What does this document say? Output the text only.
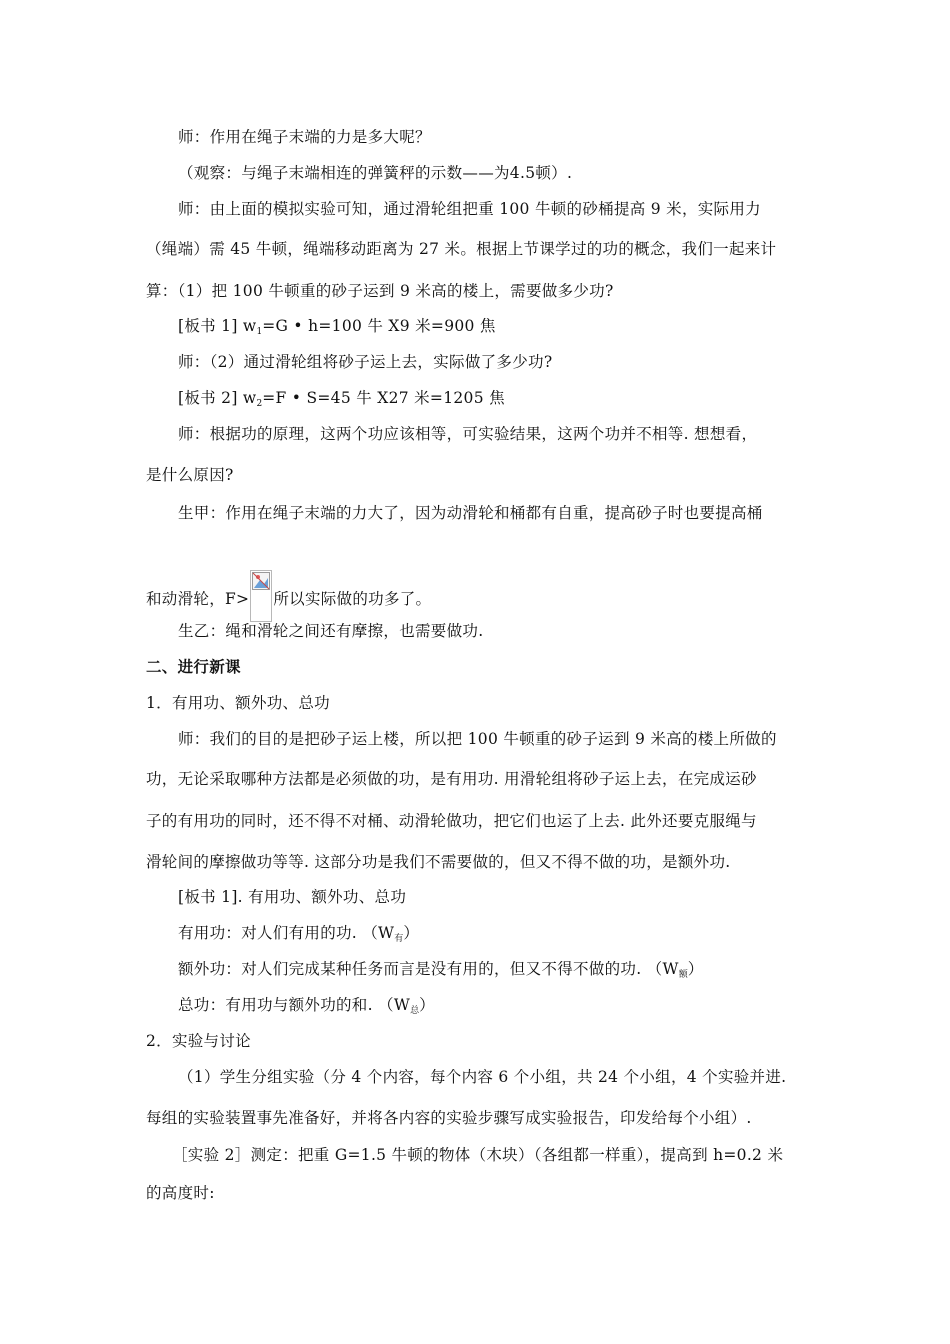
师：作用在绳子末端的力是多大呢？
（观察：与绳子末端相连的弹簧秤的示数——为4.5顿）.
师：由上面的模拟实验可知，通过滑轮组把重 100 牛顿的砂桶提高 9 米，实际用力
（绳端）需 45 牛顿，绳端移动距离为 27 米。根据上节课学过的功的概念，我们一起来计
算：（1）把 100 牛顿重的砂子运到 9 米高的楼上，需要做多少功?
[板书 1] $w_1=G$ • h=100 牛 X9 米=900 焦
师：（2）通过滑轮组将砂子运上去，实际做了多少功?
[板书 2] $w_2=F$ • S=45 牛 X27 米=1205 焦
师：根据功的原理，这两个功应该相等，可实验结果，这两个功并不相等. 想想看，
是什么原因?
生甲：作用在绳子末端的力大了，因为动滑轮和桶都有自重，提高砂子时也要提高桶
和动滑轮，F> 所以实际做的功多了。
生乙：绳和滑轮之间还有摩擦，也需要做功.
二、进行新课
1．有用功、额外功、总功
师：我们的目的是把砂子运上楼，所以把 100 牛顿重的砂子运到 9 米高的楼上所做的
功，无论采取哪种方法都是必须做的功，是有用功. 用滑轮组将砂子运上去，在完成运砂
子的有用功的同时，还不得不对桶、动滑轮做功，把它们也运了上去. 此外还要克服绳与
滑轮间的摩擦做功等等. 这部分功是我们不需要做的，但又不得不做的功，是额外功.
[板书 1]. 有用功、额外功、总功
有用功：对人们有用的功. $(W_有)$
额外功：对人们完成某种任务而言是没有用的，但又不得不做的功. $(W_额)$
总功：有用功与额外功的和. $(W_总)$
2．实验与讨论
（1）学生分组实验（分 4 个内容，每个内容 6 个小组，共 24 个小组，4 个实验并进.
每组的实验装置事先准备好，并将各内容的实验步骤写成实验报告，印发给每个小组）.
［实验 2］测定：把重 G=1.5 牛顿的物体（木块）（各组都一样重），提高到 h=0.2 米
的高度时:
